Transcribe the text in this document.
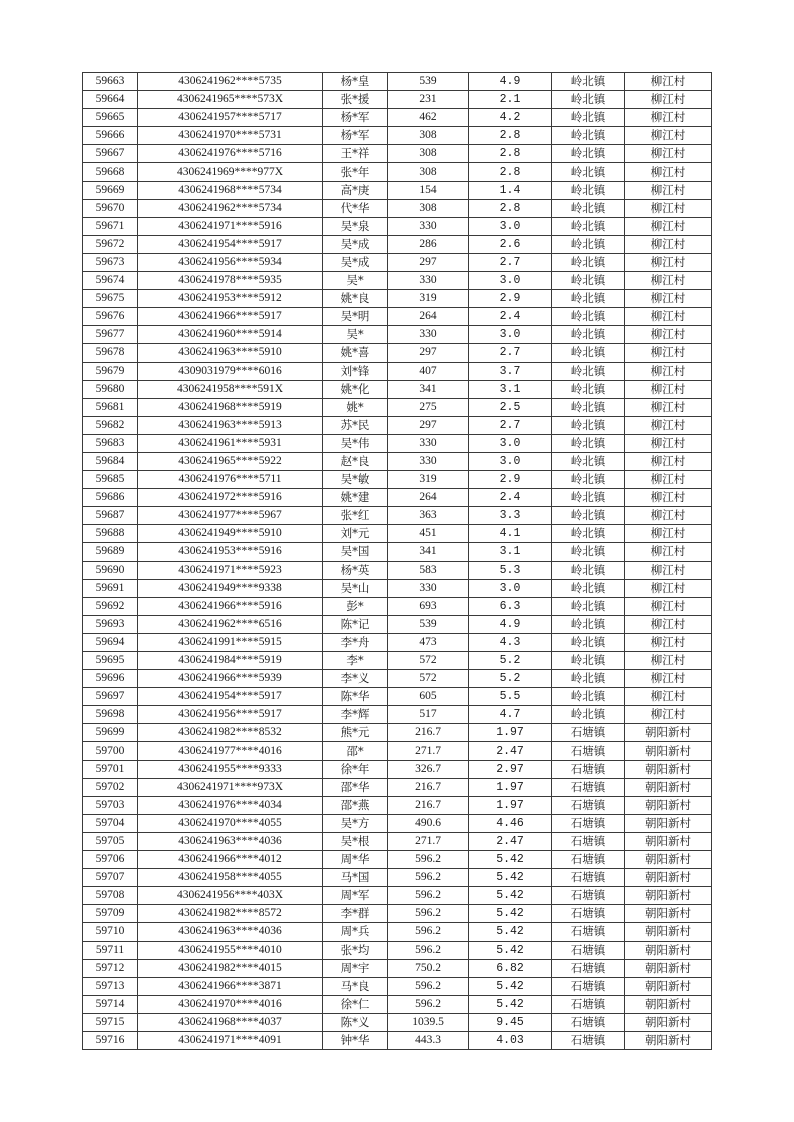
59663	4306241962****5735	杨*皇	539	4.9	岭北镇	柳江村
59664	4306241965****573X	张*援	231	2.1	岭北镇	柳江村
59665	4306241957****5717	杨*军	462	4.2	岭北镇	柳江村
59666	4306241970****5731	杨*军	308	2.8	岭北镇	柳江村
59667	4306241976****5716	王*祥	308	2.8	岭北镇	柳江村
59668	4306241969****977X	张*年	308	2.8	岭北镇	柳江村
59669	4306241968****5734	高*庚	154	1.4	岭北镇	柳江村
59670	4306241962****5734	代*华	308	2.8	岭北镇	柳江村
59671	4306241971****5916	吴*泉	330	3.0	岭北镇	柳江村
59672	4306241954****5917	吴*成	286	2.6	岭北镇	柳江村
59673	4306241956****5934	吴*成	297	2.7	岭北镇	柳江村
59674	4306241978****5935	吴*	330	3.0	岭北镇	柳江村
59675	4306241953****5912	姚*良	319	2.9	岭北镇	柳江村
59676	4306241966****5917	吴*明	264	2.4	岭北镇	柳江村
59677	4306241960****5914	吴*	330	3.0	岭北镇	柳江村
59678	4306241963****5910	姚*喜	297	2.7	岭北镇	柳江村
59679	4309031979****6016	刘*锋	407	3.7	岭北镇	柳江村
59680	4306241958****591X	姚*化	341	3.1	岭北镇	柳江村
59681	4306241968****5919	姚*	275	2.5	岭北镇	柳江村
59682	4306241963****5913	苏*民	297	2.7	岭北镇	柳江村
59683	4306241961****5931	吴*伟	330	3.0	岭北镇	柳江村
59684	4306241965****5922	赵*良	330	3.0	岭北镇	柳江村
59685	4306241976****5711	吴*敏	319	2.9	岭北镇	柳江村
59686	4306241972****5916	姚*建	264	2.4	岭北镇	柳江村
59687	4306241977****5967	张*红	363	3.3	岭北镇	柳江村
59688	4306241949****5910	刘*元	451	4.1	岭北镇	柳江村
59689	4306241953****5916	吴*国	341	3.1	岭北镇	柳江村
59690	4306241971****5923	杨*英	583	5.3	岭北镇	柳江村
59691	4306241949****9338	吴*山	330	3.0	岭北镇	柳江村
59692	4306241966****5916	彭*	693	6.3	岭北镇	柳江村
59693	4306241962****6516	陈*记	539	4.9	岭北镇	柳江村
59694	4306241991****5915	李*舟	473	4.3	岭北镇	柳江村
59695	4306241984****5919	李*	572	5.2	岭北镇	柳江村
59696	4306241966****5939	李*义	572	5.2	岭北镇	柳江村
59697	4306241954****5917	陈*华	605	5.5	岭北镇	柳江村
59698	4306241956****5917	李*辉	517	4.7	岭北镇	柳江村
59699	4306241982****8532	熊*元	216.7	1.97	石塘镇	朝阳新村
59700	4306241977****4016	邵*	271.7	2.47	石塘镇	朝阳新村
59701	4306241955****9333	徐*年	326.7	2.97	石塘镇	朝阳新村
59702	4306241971****973X	邵*华	216.7	1.97	石塘镇	朝阳新村
59703	4306241976****4034	邵*燕	216.7	1.97	石塘镇	朝阳新村
59704	4306241970****4055	吴*方	490.6	4.46	石塘镇	朝阳新村
59705	4306241963****4036	吴*根	271.7	2.47	石塘镇	朝阳新村
59706	4306241966****4012	周*华	596.2	5.42	石塘镇	朝阳新村
59707	4306241958****4055	马*国	596.2	5.42	石塘镇	朝阳新村
59708	4306241956****403X	周*军	596.2	5.42	石塘镇	朝阳新村
59709	4306241982****8572	李*群	596.2	5.42	石塘镇	朝阳新村
59710	4306241963****4036	周*兵	596.2	5.42	石塘镇	朝阳新村
59711	4306241955****4010	张*均	596.2	5.42	石塘镇	朝阳新村
59712	4306241982****4015	周*宇	750.2	6.82	石塘镇	朝阳新村
59713	4306241966****3871	马*良	596.2	5.42	石塘镇	朝阳新村
59714	4306241970****4016	徐*仁	596.2	5.42	石塘镇	朝阳新村
59715	4306241968****4037	陈*义	1039.5	9.45	石塘镇	朝阳新村
59716	4306241971****4091	钟*华	443.3	4.03	石塘镇	朝阳新村
